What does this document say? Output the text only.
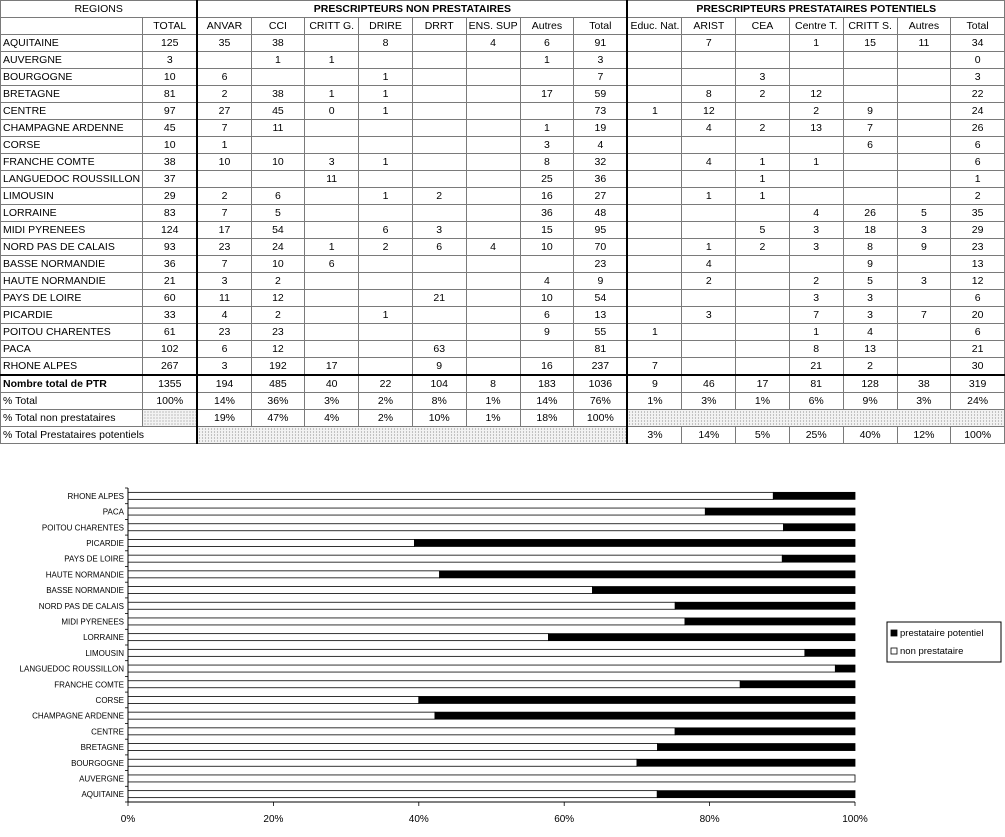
REGIONS		PRESCRIPTEURS NON PRESTATAIRES								PRESCRIPTEURS PRESTATAIRES POTENTIELS						
	TOTAL	ANVAR	CCI	CRITT G.	DRIRE	DRRT	ENS. SUP	Autres	Total	Educ. Nat.	ARIST	CEA	Centre T.	CRITT S.	Autres	Total
AQUITAINE	125	35	38		8		4	6	91		7		1	15	11	34
AUVERGNE	3		1	1				1	3							0
BOURGOGNE	10	6			1				7			3				3
BRETAGNE	81	2	38	1	1			17	59		8	2	12			22
CENTRE	97	27	45	0	1				73	1	12		2	9		24
CHAMPAGNE ARDENNE	45	7	11					1	19		4	2	13	7		26
CORSE	10	1						3	4					6		6
FRANCHE COMTE	38	10	10	3	1			8	32		4	1	1			6
LANGUEDOC ROUSSILLON	37			11				25	36			1				1
LIMOUSIN	29	2	6		1	2		16	27		1	1				2
LORRAINE	83	7	5					36	48				4	26	5	35
MIDI PYRENEES	124	17	54		6	3		15	95			5	3	18	3	29
NORD PAS DE CALAIS	93	23	24	1	2	6	4	10	70		1	2	3	8	9	23
BASSE NORMANDIE	36	7	10	6					23		4			9		13
HAUTE NORMANDIE	21	3	2					4	9		2		2	5	3	12
PAYS DE LOIRE	60	11	12			21		10	54				3	3		6
PICARDIE	33	4	2		1			6	13		3		7	3	7	20
POITOU CHARENTES	61	23	23					9	55	1			1	4		6
PACA	102	6	12			63			81				8	13		21
RHONE ALPES	267	3	192	17		9		16	237	7			21	2		30
Nombre total de PTR	1355	194	485	40	22	104	8	183	1036	9	46	17	81	128	38	319
% Total	100%	14%	36%	3%	2%	8%	1%	14%	76%	1%	3%	1%	6%	9%	3%	24%
% Total non prestataires		19%	47%	4%	2%	10%	1%	18%	100%							
% Total Prestataires potentiels										3%	14%	5%	25%	40%	12%	100%
AQUITAINE
AUVERGNE
BOURGOGNE
BRETAGNE
CENTRE
CHAMPAGNE ARDENNE
CORSE
FRANCHE COMTE
LANGUEDOC ROUSSILLON
LIMOUSIN
LORRAINE
MIDI PYRENEES
NORD PAS DE CALAIS
BASSE NORMANDIE
HAUTE NORMANDIE
PAYS DE LOIRE
PICARDIE
POITOU CHARENTES
PACA
RHONE ALPES
0%	20%	40%	60%	80%	100%
prestataire potentiel
non prestataire
